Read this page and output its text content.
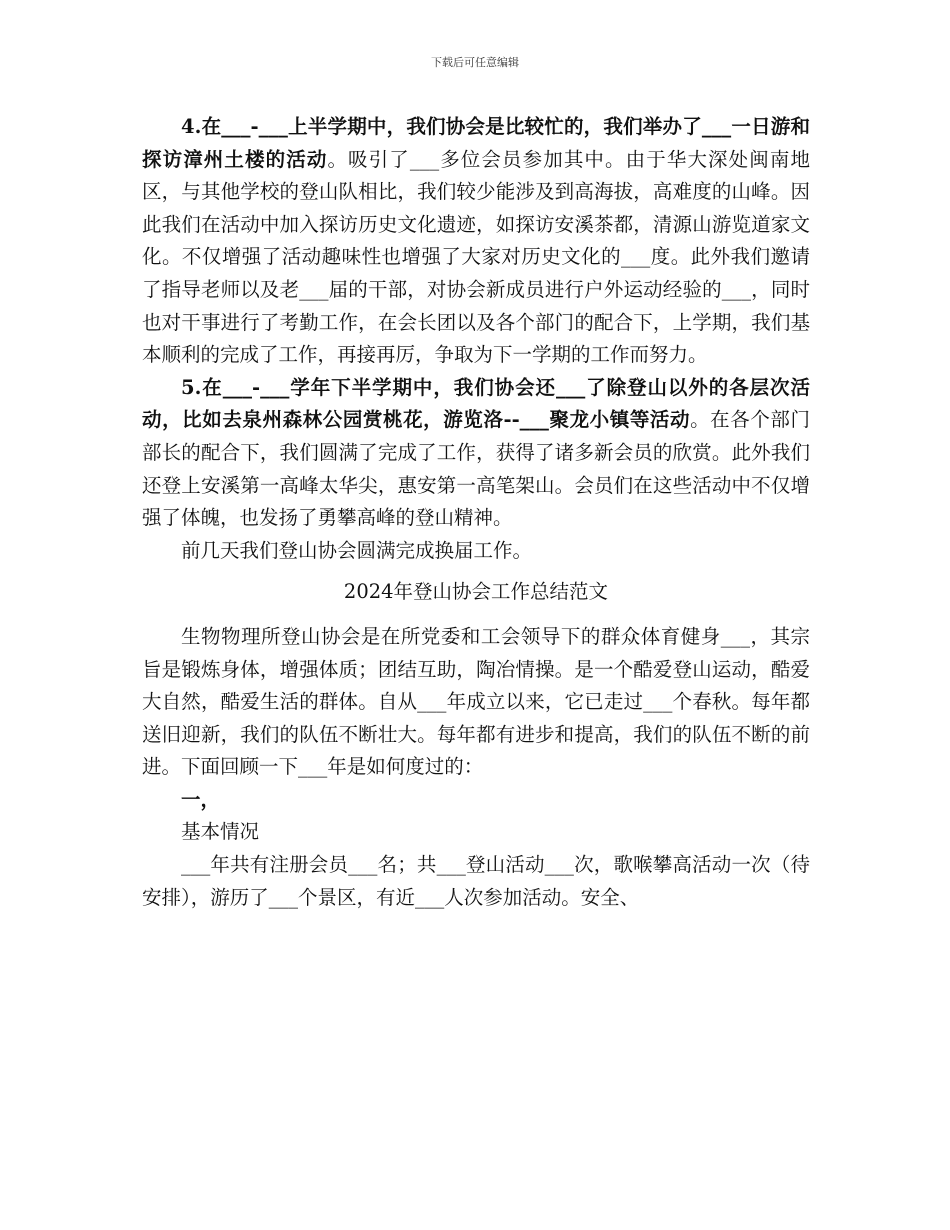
下载后可任意编辑

4.在___-___上半学期中，我们协会是比较忙的，我们举办了___一日游和探访漳州土楼的活动。吸引了___多位会员参加其中。由于华大深处闽南地区，与其他学校的登山队相比，我们较少能涉及到高海拔，高难度的山峰。因此我们在活动中加入探访历史文化遗迹，如探访安溪茶都，清源山游览道家文化。不仅增强了活动趣味性也增强了大家对历史文化的___度。此外我们邀请了指导老师以及老___届的干部，对协会新成员进行户外运动经验的___，同时也对干事进行了考勤工作，在会长团以及各个部门的配合下，上学期，我们基本顺利的完成了工作，再接再厉，争取为下一学期的工作而努力。

5.在___-___学年下半学期中，我们协会还___了除登山以外的各层次活动，比如去泉州森林公园赏桃花，游览洛--___聚龙小镇等活动。在各个部门部长的配合下，我们圆满了完成了工作，获得了诸多新会员的欣赏。此外我们还登上安溪第一高峰太华尖，惠安第一高笔架山。会员们在这些活动中不仅增强了体魄，也发扬了勇攀高峰的登山精神。

前几天我们登山协会圆满完成换届工作。

2024年登山协会工作总结范文

生物物理所登山协会是在所党委和工会领导下的群众体育健身___，其宗旨是锻炼身体，增强体质；团结互助，陶冶情操。是一个酷爱登山运动，酷爱大自然，酷爱生活的群体。自从___年成立以来，它已走过___个春秋。每年都送旧迎新，我们的队伍不断壮大。每年都有进步和提高，我们的队伍不断的前进。下面回顾一下___年是如何度过的：

一，

基本情况

___年共有注册会员___名；共___登山活动___次，歌喉攀高活动一次（待安排），游历了___个景区，有近___人次参加活动。安全、
